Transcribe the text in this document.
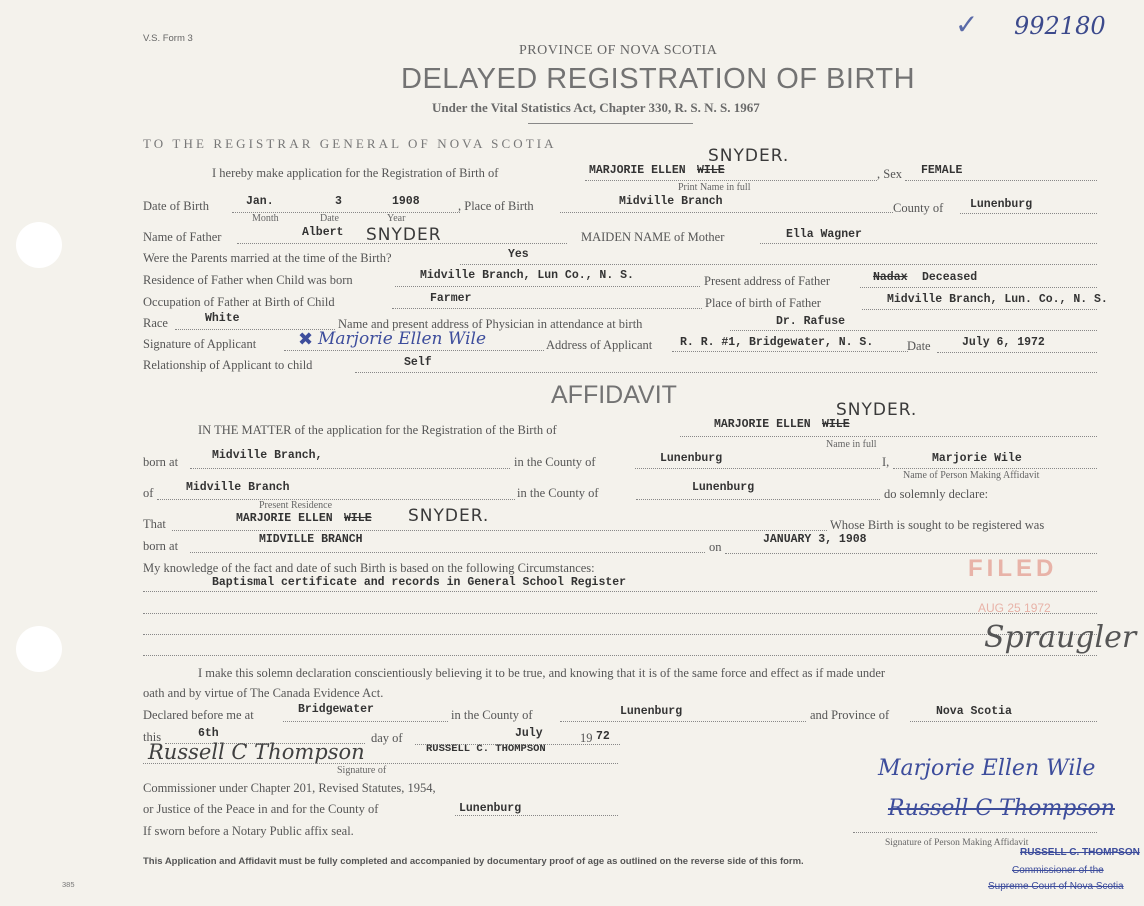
V.S. Form 3	✓ 992180
PROVINCE OF NOVA SCOTIA
DELAYED REGISTRATION OF BIRTH
Under the Vital Statistics Act, Chapter 330, R. S. N. S. 1967
TO THE REGISTRAR GENERAL OF NOVA SCOTIA
I hereby make application for the Registration of Birth of	MARJORIE ELLEN WILE
SNYDER.
Print Name in full
, Sex FEMALE
Date of Birth	Jan.	3	1908
Month	Date	Year
, Place of Birth	Midville Branch	County of Lunenburg
Name of Father	Albert SNYDER	MAIDEN NAME of Mother	Ella Wagner
Were the Parents married at the time of the Birth?	Yes
Residence of Father when Child was born	Midville Branch, Lun Co., N. S.	Present address of Father	Nadax Deceased
Occupation of Father at Birth of Child	Farmer	Place of birth of Father	Midville Branch, Lun. Co., N. S.
Race	White	Name and present address of Physician in attendance at birth	Dr. Rafuse
Signature of Applicant ✖ Marjorie Ellen Wile	Address of Applicant R. R. #1, Bridgewater, N. S.	Date	July 6, 1972
Relationship of Applicant to child	Self
AFFIDAVIT
IN THE MATTER of the application for the Registration of the Birth of	MARJORIE ELLEN WILE
SNYDER.
Name in full
born at	Midville Branch,	in the County of	Lunenburg	I,	Marjorie Wile
Name of Person Making Affidavit
of	Midville Branch
Present Residence
in the County of	Lunenburg	do solemnly declare:
That	MARJORIE ELLEN WILE SNYDER.	Whose Birth is sought to be registered was
born at	MIDVILLE BRANCH
on
JANUARY 3, 1908
My knowledge of the fact and date of such Birth is based on the following Circumstances:
Baptismal certificate and records in General School Register
FILED
AUG 25 1972
Spraugler
I make this solemn declaration conscientiously believing it to be true, and knowing that it is of the same force and effect as if made under
oath and by virtue of The Canada Evidence Act.
Declared before me at	Bridgewater	in the County of	Lunenburg	and Province of	Nova Scotia
this	6th	day of	July	19 72
Russell C Thompson	RUSSELL C. THOMPSON
Signature of
Commissioner under Chapter 201, Revised Statutes, 1954,
or Justice of the Peace in and for the County of	Lunenburg
If sworn before a Notary Public affix seal.
Marjorie Ellen Wile
Russell C Thompson
Signature of Person Making Affidavit
RUSSELL C. THOMPSON
Commissioner of the
Supreme Court of Nova Scotia
This Application and Affidavit must be fully completed and accompanied by documentary proof of age as outlined on the reverse side of this form.
385
